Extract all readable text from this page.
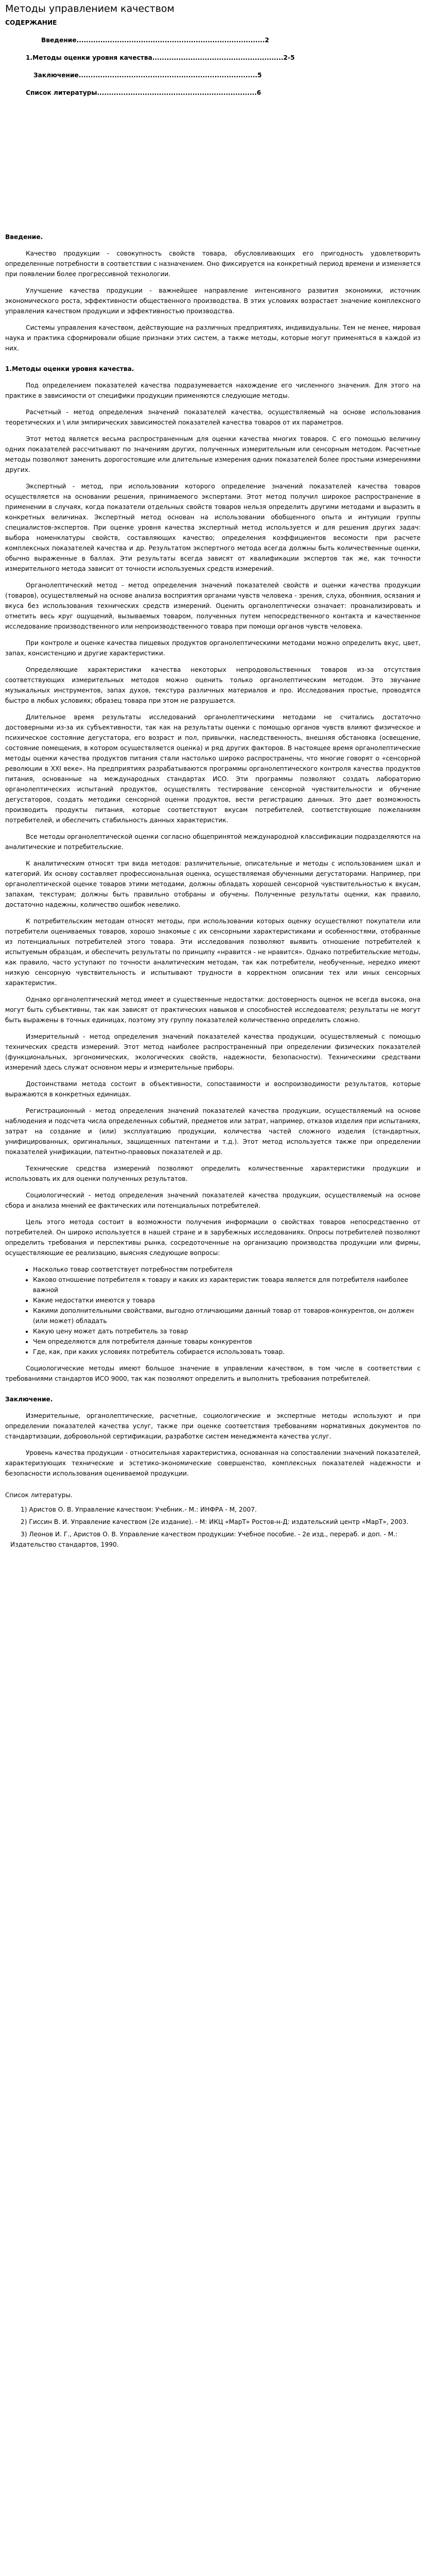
Методы управлением качеством
СОДЕРЖАНИЕ
Введение...............................................................................2
1.Методы оценки уровня качества.......................................................2-5
Заключение...........................................................................5
Список литературы...................................................................6
Введение.

Качество продукции - совокупность свойств товара, обусловливающих его пригодность удовлетворить определенные потребности в соответствии с назначением. Оно фиксируется на конкретный период времени и изменяется при появлении более прогрессивной технологии.

Улучшение качества продукции - важнейшее направление интенсивного развития экономики, источник экономического роста, эффективности общественного производства. В этих условиях возрастает значение комплексного управления качеством продукции и эффективностью производства.

Системы управления качеством, действующие на различных предприятиях, индивидуальны. Тем не менее, мировая наука и практика сформировали общие признаки этих систем, а также методы, которые могут применяться в каждой из них.

1.Методы оценки уровня качества.

Под определением показателей качества подразумевается нахождение его численного значения. Для этого на практике в зависимости от специфики продукции применяются следующие методы.

Расчетный - метод определения значений показателей качества, осуществляемый на основе использования теоретических и \ или эмпирических зависимостей показателей качества товаров от их параметров.

Этот метод является весьма распространенным для оценки качества многих товаров. С его помощью величину одних показателей рассчитывают по значениям других, полученных измерительным или сенсорным методом. Расчетные методы позволяют заменить дорогостоящие или длительные измерения одних показателей более простыми измерениями других.

Экспертный - метод, при использовании которого определение значений показателей качества товаров осуществляется на основании решения, принимаемого экспертами. Этот метод получил широкое распространение в применении в случаях, когда показатели отдельных свойств товаров нельзя определить другими методами и выразить в конкретных величинах. Экспертный метод основан на использовании обобщенного опыта и интуиции группы специалистов-экспертов. При оценке уровня качества экспертный метод используется и для решения других задач: выбора номенклатуры свойств, составляющих качество; определения коэффициентов весомости при расчете комплексных показателей качества и др. Результатом экспертного метода всегда должны быть количественные оценки, обычно выраженные в баллах. Эти результаты всегда зависят от квалификации экспертов так же, как точности измерительного метода зависит от точности используемых средств измерений.

Органолептический метод - метод определения значений показателей свойств и оценки качества продукции (товаров), осуществляемый на основе анализа восприятия органами чувств человека - зрения, слуха, обоняния, осязания и вкуса без использования технических средств измерений. Оценить органолептически означает: проанализировать и отметить весь круг ощущений, вызываемых товаром, полученных путем непосредственного контакта и качественное исследование производственного или непроизводственного товара при помощи органов чувств человека.

При контроле и оценке качества пищевых продуктов органолептическими методами можно определить вкус, цвет, запах, консистенцию и другие характеристики.

Определяющие характеристики качества некоторых непродовольственных товаров из-за отсутствия соответствующих измерительных методов можно оценить только органолептическим методом. Это звучание музыкальных инструментов, запах духов, текстура различных материалов и про. Исследования простые, проводятся быстро в любых условиях; образец товара при этом не разрушается.

Длительное время результаты исследований органолептическими методами не считались достаточно достоверными из-за их субъективности, так как на результаты оценки с помощью органов чувств влияют физическое и психическое состояние дегустатора, его возраст и пол, привычки, наследственность, внешняя обстановка (освещение, состояние помещения, в котором осуществляется оценка) и ряд других факторов. В настоящее время органолептические методы оценки качества продуктов питания стали настолько широко распространены, что многие говорят о «сенсорной революции в XXI веке». На предприятиях разрабатываются программы органолептического контроля качества продуктов питания, основанные на международных стандартах ИСО. Эти программы позволяют создать лабораторию органолептических испытаний продуктов, осуществлять тестирование сенсорной чувствительности и обучение дегустаторов, создать методики сенсорной оценки продуктов, вести регистрацию данных. Это дает возможность производить продукты питания, которые соответствуют вкусам потребителей, соответствующие пожеланиям потребителей, и обеспечить стабильность данных характеристик.

Все методы органолептической оценки согласно общепринятой международной классификации подразделяются на аналитические и потребительские.

К аналитическим относят три вида методов: различительные, описательные и методы с использованием шкал и категорий. Их основу составляет профессиональная оценка, осуществляемая обученными дегустаторами. Например, при органолептической оценке товаров этими методами, должны обладать хорошей сенсорной чувствительностью к вкусам, запахам, текстурам; должны быть правильно отобраны и обучены. Полученные результаты оценки, как правило, достаточно надежны, количество ошибок невелико.

К потребительским методам относят методы, при использовании которых оценку осуществляют покупатели или потребители оцениваемых товаров, хорошо знакомые с их сенсорными характеристиками и особенностями, отобранные из потенциальных потребителей этого товара. Эти исследования позволяют выявить отношение потребителей к испытуемым образцам, и обеспечить результаты по принципу «нравится - не нравится». Однако потребительские методы, как правило, часто уступают по точности аналитическим методам, так как потребители, необученные, нередко имеют низкую сенсорную чувствительность и испытывают трудности в корректном описании тех или иных сенсорных характеристик.

Однако органолептический метод имеет и существенные недостатки: достоверность оценок не всегда высока, она могут быть субъективны, так как зависят от практических навыков и способностей исследователя; результаты не могут быть выражены в точных единицах, поэтому эту группу показателей количественно определить сложно.

Измерительный - метод определения значений показателей качества продукции, осуществляемый с помощью технических средств измерений. Этот метод наиболее распространенный при определении физических показателей (функциональных, эргономических, экологических свойств, надежности, безопасности). Техническими средствами измерений здесь служат основном меры и измерительные приборы.

Достоинствами метода состоит в объективности, сопоставимости и воспроизводимости результатов, которые выражаются в конкретных единицах.

Регистрационный - метод определения значений показателей качества продукции, осуществляемый на основе наблюдения и подсчета числа определенных событий, предметов или затрат, например, отказов изделия при испытаниях, затрат на создание и (или) эксплуатацию продукции, количества частей сложного изделия (стандартных, унифицированных, оригинальных, защищенных патентами и т.д.). Этот метод используется также при определении показателей унификации, патентно-правовых показателей и др.

Технические средства измерений позволяют определить количественные характеристики продукции и использовать их для оценки полученных результатов.

Социологический - метод определения значений показателей качества продукции, осуществляемый на основе сбора и анализа мнений ее фактических или потенциальных потребителей.

Цель этого метода состоит в возможности получения информации о свойствах товаров непосредственно от потребителей. Он широко используется в нашей стране и в зарубежных исследованиях. Опросы потребителей позволяют определить требования и перспективы рынка, сосредоточенные на организацию производства продукции или фирмы, осуществляющие ее реализацию, выясняя следующие вопросы:

• Насколько товар соответствует потребностям потребителя
• Каково отношение потребителя к товару и каких из характеристик товара является для потребителя наиболее важной
• Какие недостатки имеются у товара
• Какими дополнительными свойствами, выгодно отличающими данный товар от товаров-конкурентов, он должен (или может) обладать
• Какую цену может дать потребитель за товар
• Чем определяются для потребителя данные товары конкурентов
• Где, как, при каких условиях потребитель собирается использовать товар.

Социологические методы имеют большое значение в управлении качеством, в том числе в соответствии с требованиями стандартов ИСО 9000, так как позволяют определить и выполнить требования потребителей.

Заключение.

Измерительные, органолептические, расчетные, социологические и экспертные методы используют и при определении показателей качества услуг, также при оценке соответствия требованиям нормативных документов по стандартизации, добровольной сертификации, разработке систем менеджмента качества услуг.

Уровень качества продукции - относительная характеристика, основанная на сопоставлении значений показателей, характеризующих технические и эстетико-экономические совершенство, комплексных показателей надежности и безопасности использования оцениваемой продукции.

Список литературы.
1) Аристов О. В. Управление качеством: Учебник.- М.: ИНФРА - М, 2007.
2) Гиссин В. И. Управление качеством (2е издание). - М: ИКЦ «МарТ» Ростов-н-Д: издательский центр «МарТ», 2003.
3) Леонов И. Г., Аристов О. В. Управление качеством продукции: Учебное пособие. - 2е изд., перераб. и доп. - М.: Издательство стандартов, 1990.
